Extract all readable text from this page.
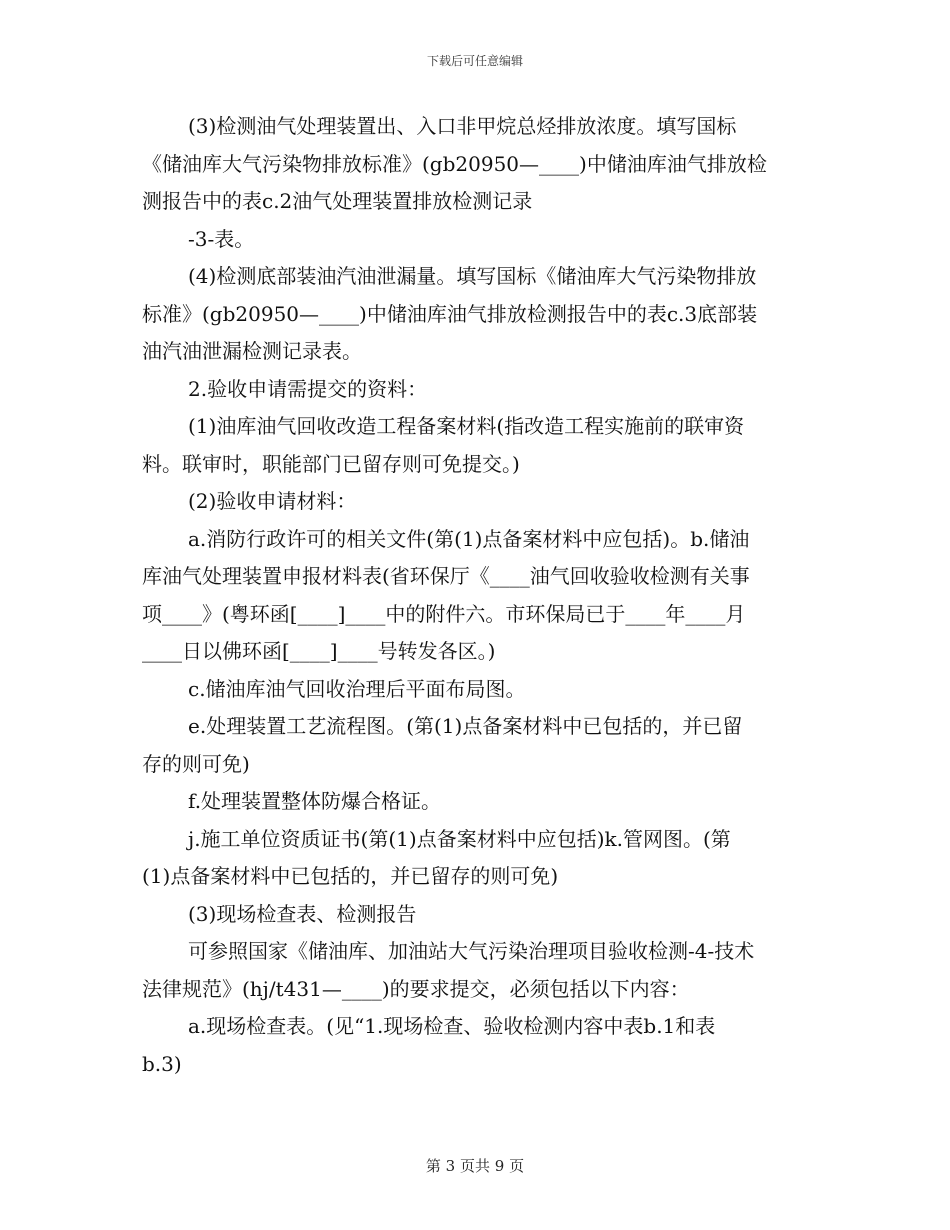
下载后可任意编辑
(3)检测油气处理装置出、入口非甲烷总烃排放浓度。填写国标
《储油库大气污染物排放标准》(gb20950—____)中储油库油气排放检
测报告中的表c.2油气处理装置排放检测记录
-3-表。
(4)检测底部装油汽油泄漏量。填写国标《储油库大气污染物排放
标准》(gb20950—____)中储油库油气排放检测报告中的表c.3底部装
油汽油泄漏检测记录表。
2.验收申请需提交的资料：
(1)油库油气回收改造工程备案材料(指改造工程实施前的联审资
料。联审时，职能部门已留存则可免提交。)
(2)验收申请材料：
a.消防行政许可的相关文件(第(1)点备案材料中应包括)。b.储油
库油气处理装置申报材料表(省环保厅《____油气回收验收检测有关事
项____》(粤环函[____]____中的附件六。市环保局已于____年____月
____日以佛环函[____]____号转发各区。)
c.储油库油气回收治理后平面布局图。
e.处理装置工艺流程图。(第(1)点备案材料中已包括的，并已留
存的则可免)
f.处理装置整体防爆合格证。
j.施工单位资质证书(第(1)点备案材料中应包括)k.管网图。(第
(1)点备案材料中已包括的，并已留存的则可免)
(3)现场检查表、检测报告
可参照国家《储油库、加油站大气污染治理项目验收检测-4-技术
法律规范》(hj/t431—____)的要求提交，必须包括以下内容：
a.现场检查表。(见“1.现场检查、验收检测内容中表b.1和表
b.3)
第 3 页共 9 页
